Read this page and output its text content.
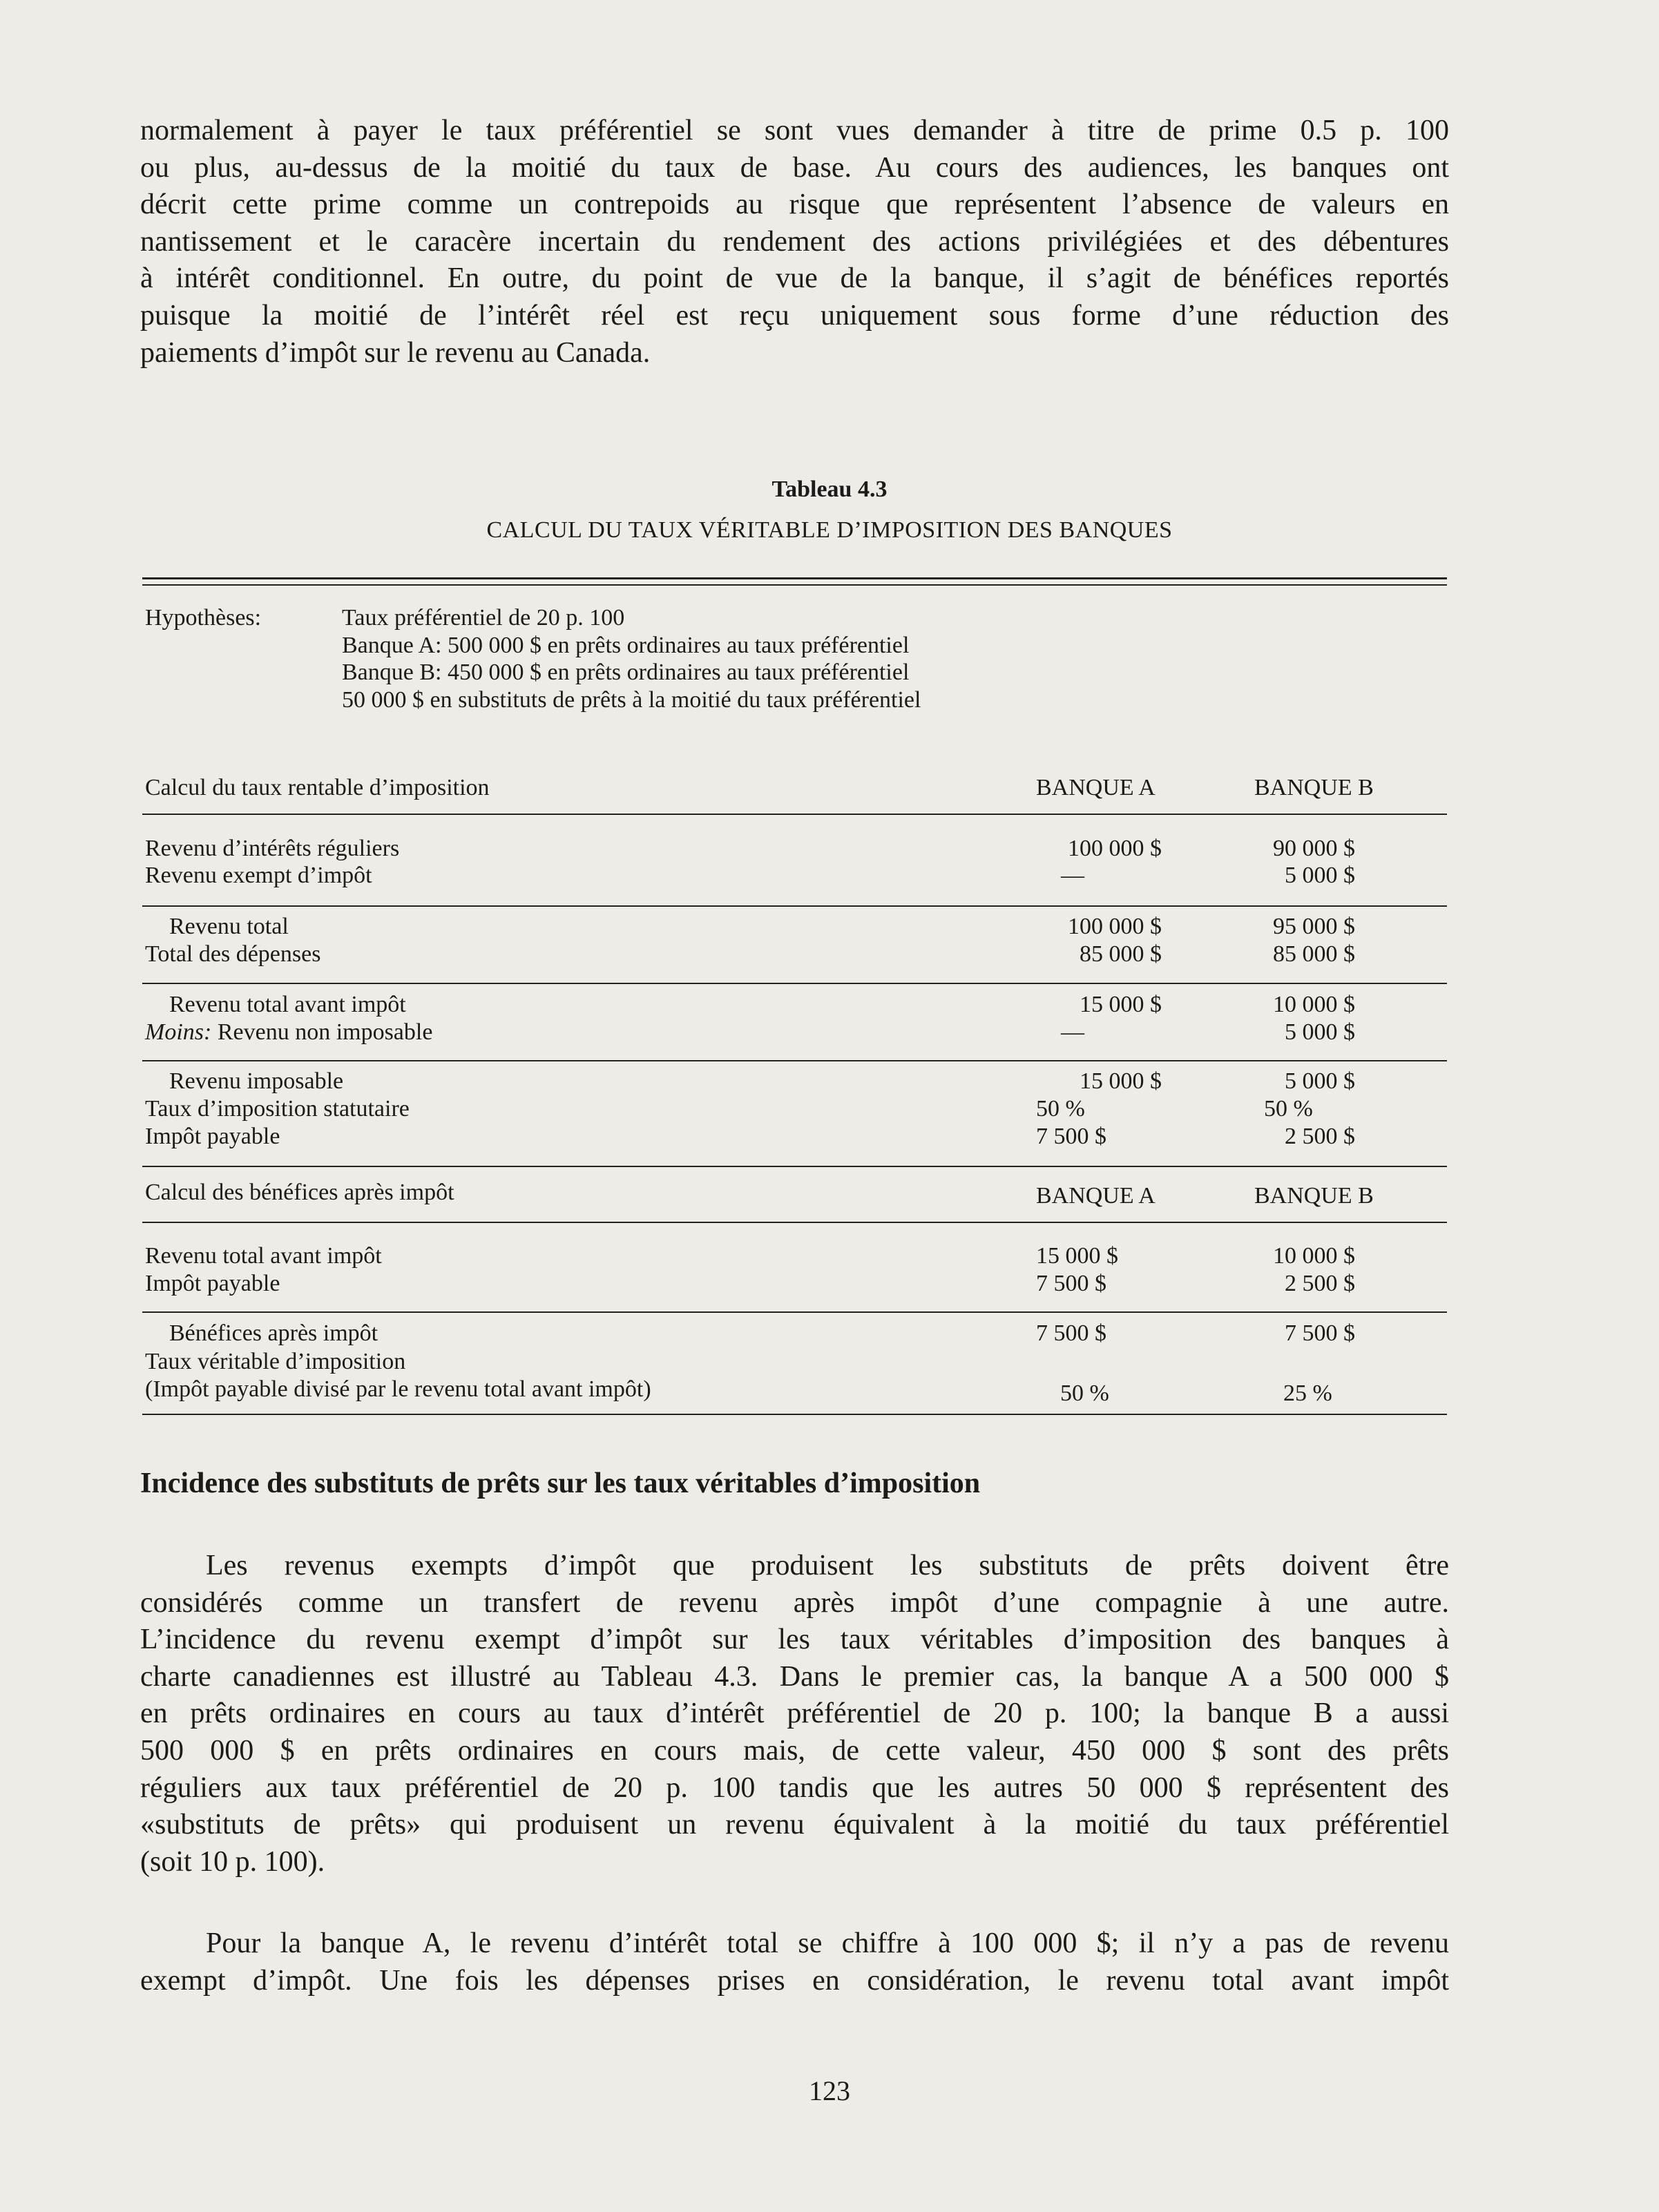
normalement à payer le taux préférentiel se sont vues demander à titre de prime 0.5 p. 100
ou plus, au-dessus de la moitié du taux de base. Au cours des audiences, les banques ont
décrit cette prime comme un contrepoids au risque que représentent l’absence de valeurs en
nantissement et le caracère incertain du rendement des actions privilégiées et des débentures
à intérêt conditionnel. En outre, du point de vue de la banque, il s’agit de bénéfices reportés
puisque la moitié de l’intérêt réel est reçu uniquement sous forme d’une réduction des
paiements d’impôt sur le revenu au Canada.

Tableau 4.3

CALCUL DU TAUX VÉRITABLE D’IMPOSITION DES BANQUES

Hypothèses:	Taux préférentiel de 20 p. 100
Banque A: 500 000 $ en prêts ordinaires au taux préférentiel
Banque B: 450 000 $ en prêts ordinaires au taux préférentiel
50 000 $ en substituts de prêts à la moitié du taux préférentiel
Calcul du taux rentable d’imposition	BANQUE A	BANQUE B
Revenu d’intérêts réguliers	100 000 $	90 000 $
Revenu exempt d’impôt	—	5 000 $
Revenu total	100 000 $	95 000 $
Total des dépenses	85 000 $	85 000 $
Revenu total avant impôt	15 000 $	10 000 $
Moins: Revenu non imposable	—	5 000 $
Revenu imposable	15 000 $	5 000 $
Taux d’imposition statutaire	50 %	50 %
Impôt payable	7 500 $	2 500 $
Calcul des bénéfices après impôt	BANQUE A	BANQUE B
Revenu total avant impôt	15 000 $	10 000 $
Impôt payable	7 500 $	2 500 $
Bénéfices après impôt	7 500 $	7 500 $
Taux véritable d’imposition
(Impôt payable divisé par le revenu total avant impôt)	50 %	25 %

Incidence des substituts de prêts sur les taux véritables d’imposition

Les revenus exempts d’impôt que produisent les substituts de prêts doivent être
considérés comme un transfert de revenu après impôt d’une compagnie à une autre.
L’incidence du revenu exempt d’impôt sur les taux véritables d’imposition des banques à
charte canadiennes est illustré au Tableau 4.3. Dans le premier cas, la banque A a 500 000 $
en prêts ordinaires en cours au taux d’intérêt préférentiel de 20 p. 100; la banque B a aussi
500 000 $ en prêts ordinaires en cours mais, de cette valeur, 450 000 $ sont des prêts
réguliers aux taux préférentiel de 20 p. 100 tandis que les autres 50 000 $ représentent des
«substituts de prêts» qui produisent un revenu équivalent à la moitié du taux préférentiel
(soit 10 p. 100).
Pour la banque A, le revenu d’intérêt total se chiffre à 100 000 $; il n’y a pas de revenu
exempt d’impôt. Une fois les dépenses prises en considération, le revenu total avant impôt

123
